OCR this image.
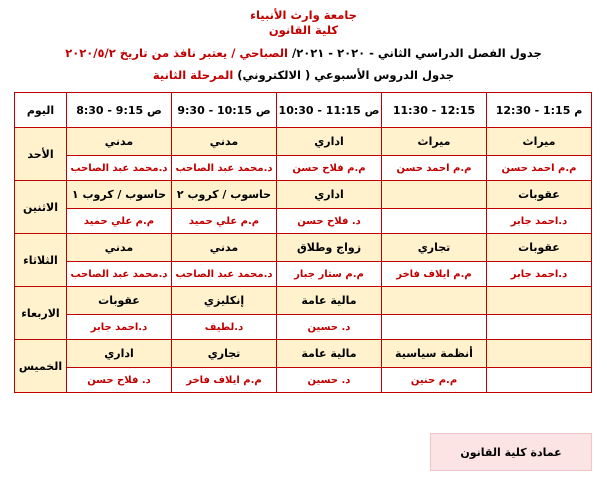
جامعة وارث الأنبياء
كلية القانون
جدول الفصل الدراسي الثاني - ٢٠٢٠ - ٢٠٢١/ الصباحي / يعتبر نافذ من تاريخ ٢٠٢٠/٥/٢
جدول الدروس الأسبوعي ( الالكتروني) المرحلة الثانية
م 1:15 - 12:30	12:15 - 11:30	ص 11:15 - 10:30	ص 10:15 - 9:30	ص 9:15 - 8:30	اليوم
ميراث	ميراث	اداري	مدني	مدني	الأحد
م.م احمد حسن	م.م احمد حسن	م.م فلاح حسن	د.محمد عبد الصاحب	د.محمد عبد الصاحب	
عقوبات		اداري	حاسوب / كروب ٢	حاسوب / كروب ١	الاثنين
د.احمد جابر		د. فلاح حسن	م.م علي حميد	م.م علي حميد	
عقوبات	تجاري	زواج وطلاق	مدني	مدني	الثلاثاء
د.احمد جابر	م.م ايلاف فاخر	م.م ستار جبار	د.محمد عبد الصاحب	د.محمد عبد الصاحب	
		مالية عامة	إنكليزي	عقوبات	الاربعاء
		د. حسين	د.لطيف	د.احمد جابر	
	أنظمة سياسية	مالية عامة	تجاري	اداري	الخميس
	م.م حنين	د. حسين	م.م ايلاف فاخر	د. فلاح حسن	
عمادة كلية القانون
